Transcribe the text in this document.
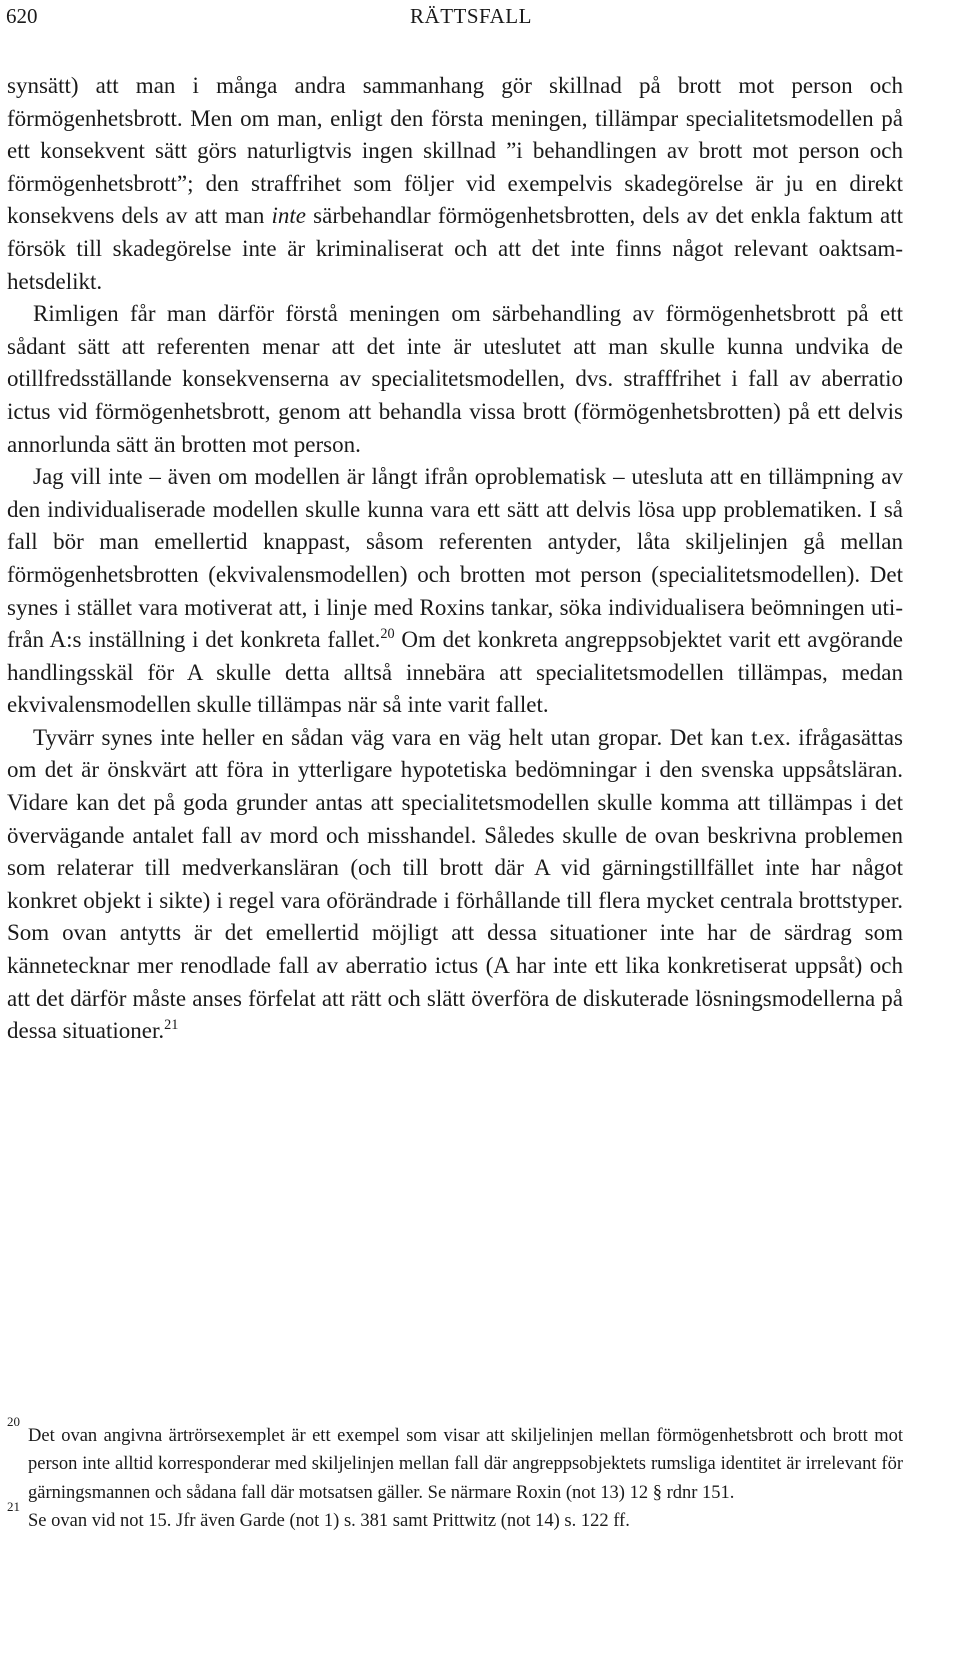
620	RÄTTSFALL

synsätt) att man i många andra sammanhang gör skillnad på brott mot person och förmögenhetsbrott. Men om man, enligt den första meningen, tillämpar specialitetsmodellen på ett konsekvent sätt görs naturligtvis ingen skillnad ”i behandlingen av brott mot person och förmögenhetsbrott”; den straffrihet som följer vid exempelvis skadegörelse är ju en direkt konsekvens dels av att man inte särbehandlar förmögenhetsbrotten, dels av det enkla faktum att försök till skadegörelse inte är kriminaliserat och att det inte finns något relevant oaktsamhetsdelikt.

Rimligen får man därför förstå meningen om särbehandling av förmögenhetsbrott på ett sådant sätt att referenten menar att det inte är uteslutet att man skulle kunna undvika de otillfredsställande konsekvenserna av specialitetsmodellen, dvs. strafffrihet i fall av aberratio ictus vid förmögenhetsbrott, genom att behandla vissa brott (förmögenhetsbrotten) på ett delvis annorlunda sätt än brotten mot person.

Jag vill inte – även om modellen är långt ifrån oproblematisk – utesluta att en tillämpning av den individualiserade modellen skulle kunna vara ett sätt att delvis lösa upp problematiken. I så fall bör man emellertid knappast, såsom referenten antyder, låta skiljelinjen gå mellan förmögenhetsbrotten (ekvivalensmodellen) och brotten mot person (specialitetsmodellen). Det synes i stället vara motiverat att, i linje med Roxins tankar, söka individualisera beömningen utifrån A:s inställning i det konkreta fallet.$^{20}$ Om det konkreta angreppsobjektet varit ett avgörande handlingsskäl för A skulle detta alltså innebära att specialitetsmodellen tillämpas, medan ekvivalensmodellen skulle tillämpas när så inte varit fallet.

Tyvärr synes inte heller en sådan väg vara en väg helt utan gropar. Det kan t.ex. ifrågasättas om det är önskvärt att föra in ytterligare hypotetiska bedömningar i den svenska uppsåtsläran. Vidare kan det på goda grunder antas att specialitetsmodellen skulle komma att tillämpas i det övervägande antalet fall av mord och misshandel. Således skulle de ovan beskrivna problemen som relaterar till medverkansläran (och till brott där A vid gärningstillfället inte har något konkret objekt i sikte) i regel vara oförändrade i förhållande till flera mycket centrala brottstyper. Som ovan antytts är det emellertid möjligt att dessa situationer inte har de särdrag som kännetecknar mer renodlade fall av aberratio ictus (A har inte ett lika konkretiserat uppsåt) och att det därför måste anses förfelat att rätt och slätt överföra de diskuterade lösningsmodellerna på dessa situationer.$^{21}$

20
Det ovan angivna ärtrörsexemplet är ett exempel som visar att skiljelinjen mellan förmögenhetsbrott och brott mot person inte alltid korresponderar med skiljelinjen mellan fall där angreppsobjektets rumsliga identitet är irrelevant för gärningsmannen och sådana fall där motsatsen gäller. Se närmare Roxin (not 13) 12 § rdnr 151.

21
Se ovan vid not 15. Jfr även Garde (not 1) s. 381 samt Prittwitz (not 14) s. 122 ff.
